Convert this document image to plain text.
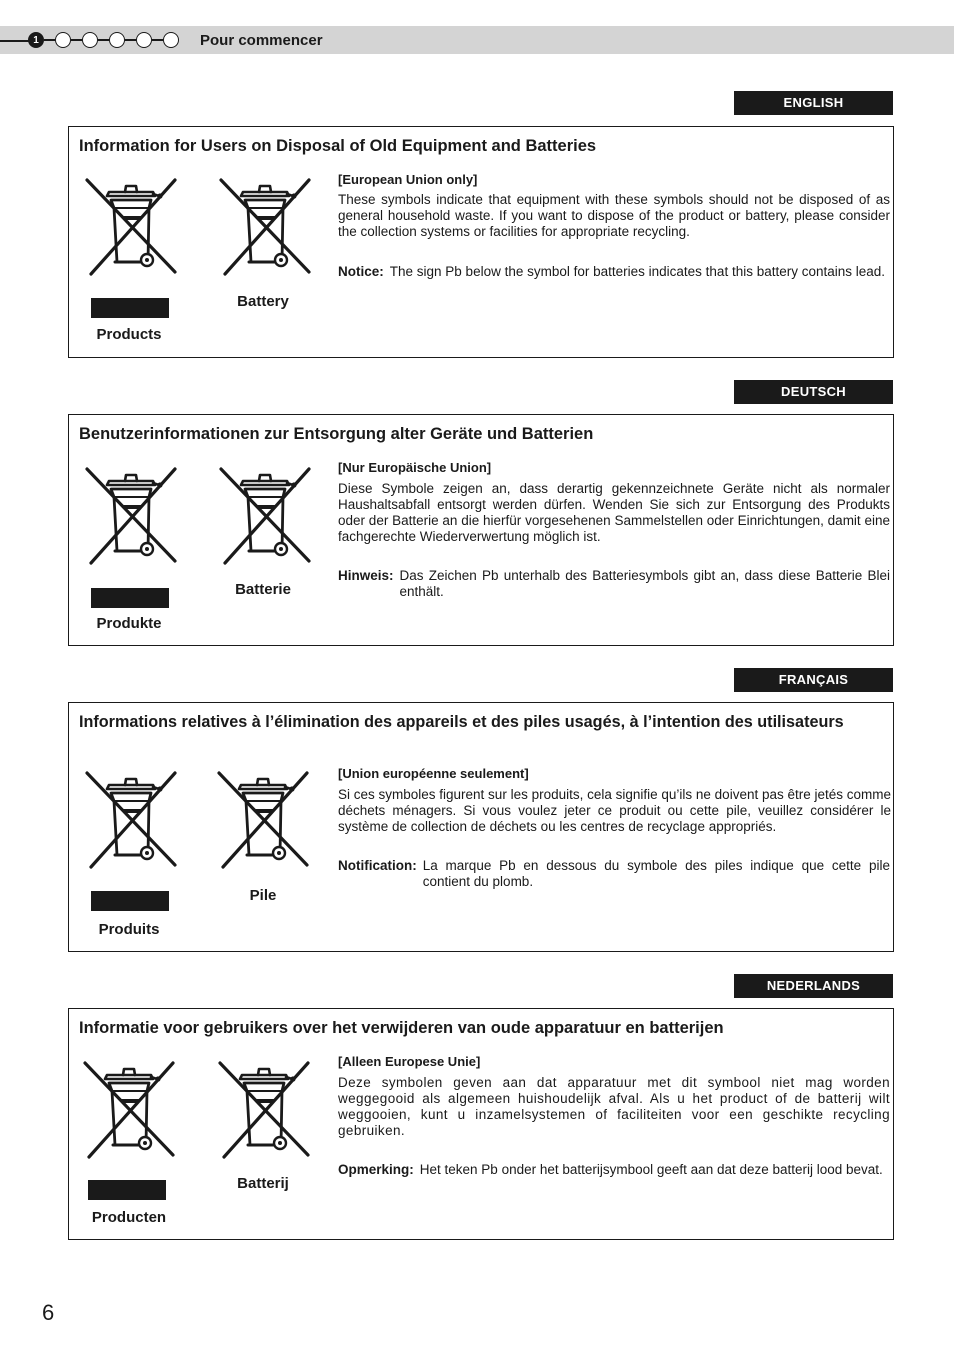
1	Pour commencer
ENGLISH
Information for Users on Disposal of Old Equipment and Batteries
Products
Battery
[European Union only]
These symbols indicate that equipment with these symbols should not be disposed of as general household waste. If you want to dispose of the product or battery, please consider the collection systems or facilities for appropriate recycling.
Notice: The sign Pb below the symbol for batteries indicates that this battery contains lead.
DEUTSCH
Benutzerinformationen zur Entsorgung alter Geräte und Batterien
Produkte
Batterie
[Nur Europäische Union]
Diese Symbole zeigen an, dass derartig gekennzeichnete Geräte nicht als normaler Haushaltsabfall entsorgt werden dürfen. Wenden Sie sich zur Entsorgung des Produkts oder der Batterie an die hierfür vorgesehenen Sammelstellen oder Einrichtungen, damit eine fachgerechte Wiederverwertung möglich ist.
Hinweis: Das Zeichen Pb unterhalb des Batteriesymbols gibt an, dass diese Batterie Blei enthält.
FRANÇAIS
Informations relatives à l’élimination des appareils et des piles usagés, à l’intention des utilisateurs
Produits
Pile
[Union européenne seulement]
Si ces symboles figurent sur les produits, cela signifie qu’ils ne doivent pas être jetés comme déchets ménagers. Si vous voulez jeter ce produit ou cette pile, veuillez considérer le système de collection de déchets ou les centres de recyclage appropriés.
Notification: La marque Pb en dessous du symbole des piles indique que cette pile contient du plomb.
NEDERLANDS
Informatie voor gebruikers over het verwijderen van oude apparatuur en batterijen
Producten
Batterij
[Alleen Europese Unie]
Deze symbolen geven aan dat apparatuur met dit symbool niet mag worden weggegooid als algemeen huishoudelijk afval. Als u het product of de batterij wilt weggooien, kunt u inzamelsystemen of faciliteiten voor een geschikte recycling gebruiken.
Opmerking: Het teken Pb onder het batterijsymbool geeft aan dat deze batterij lood bevat.
6
